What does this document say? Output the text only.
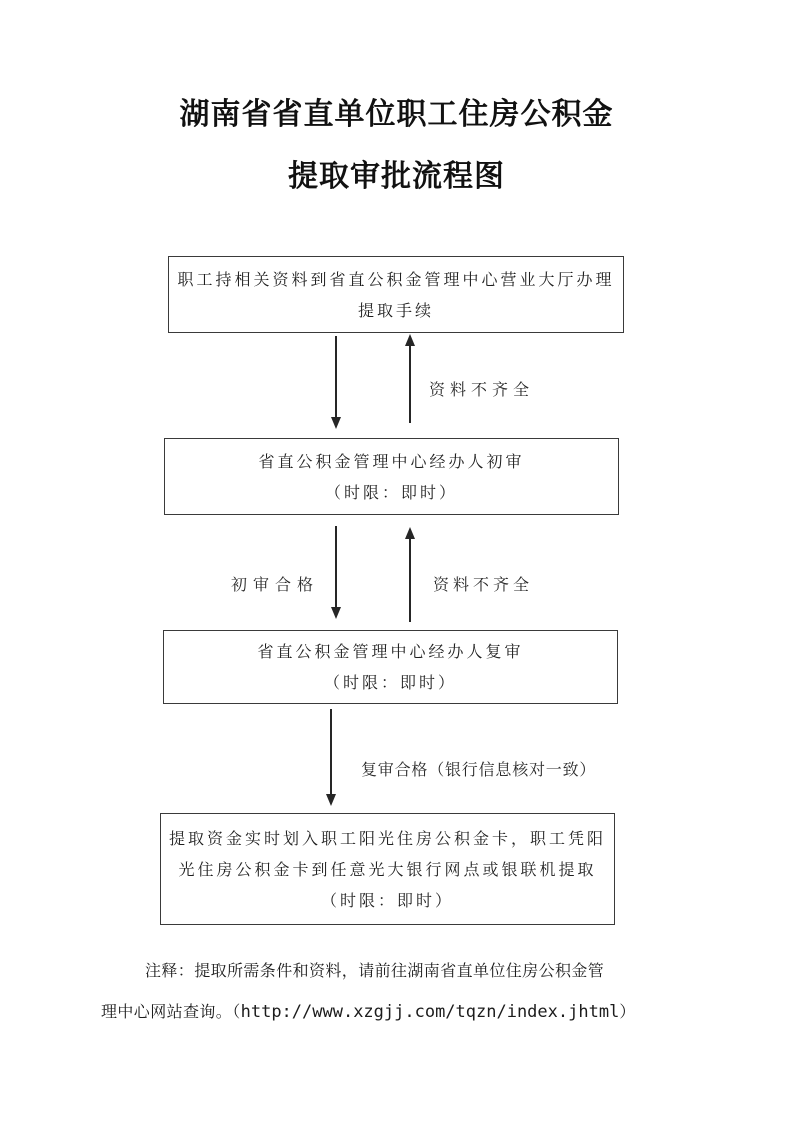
湖南省省直单位职工住房公积金
提取审批流程图
职工持相关资料到省直公积金管理中心营业大厅办理
提取手续
资料不齐全
省直公积金管理中心经办人初审
（时限：即时）
初审合格	资料不齐全
省直公积金管理中心经办人复审
（时限：即时）
复审合格（银行信息核对一致）
提取资金实时划入职工阳光住房公积金卡，职工凭阳
光住房公积金卡到任意光大银行网点或银联机提取
（时限：即时）
注释：提取所需条件和资料，请前往湖南省直单位住房公积金管
理中心网站查询。（http://www.xzgjj.com/tqzn/index.jhtml）
